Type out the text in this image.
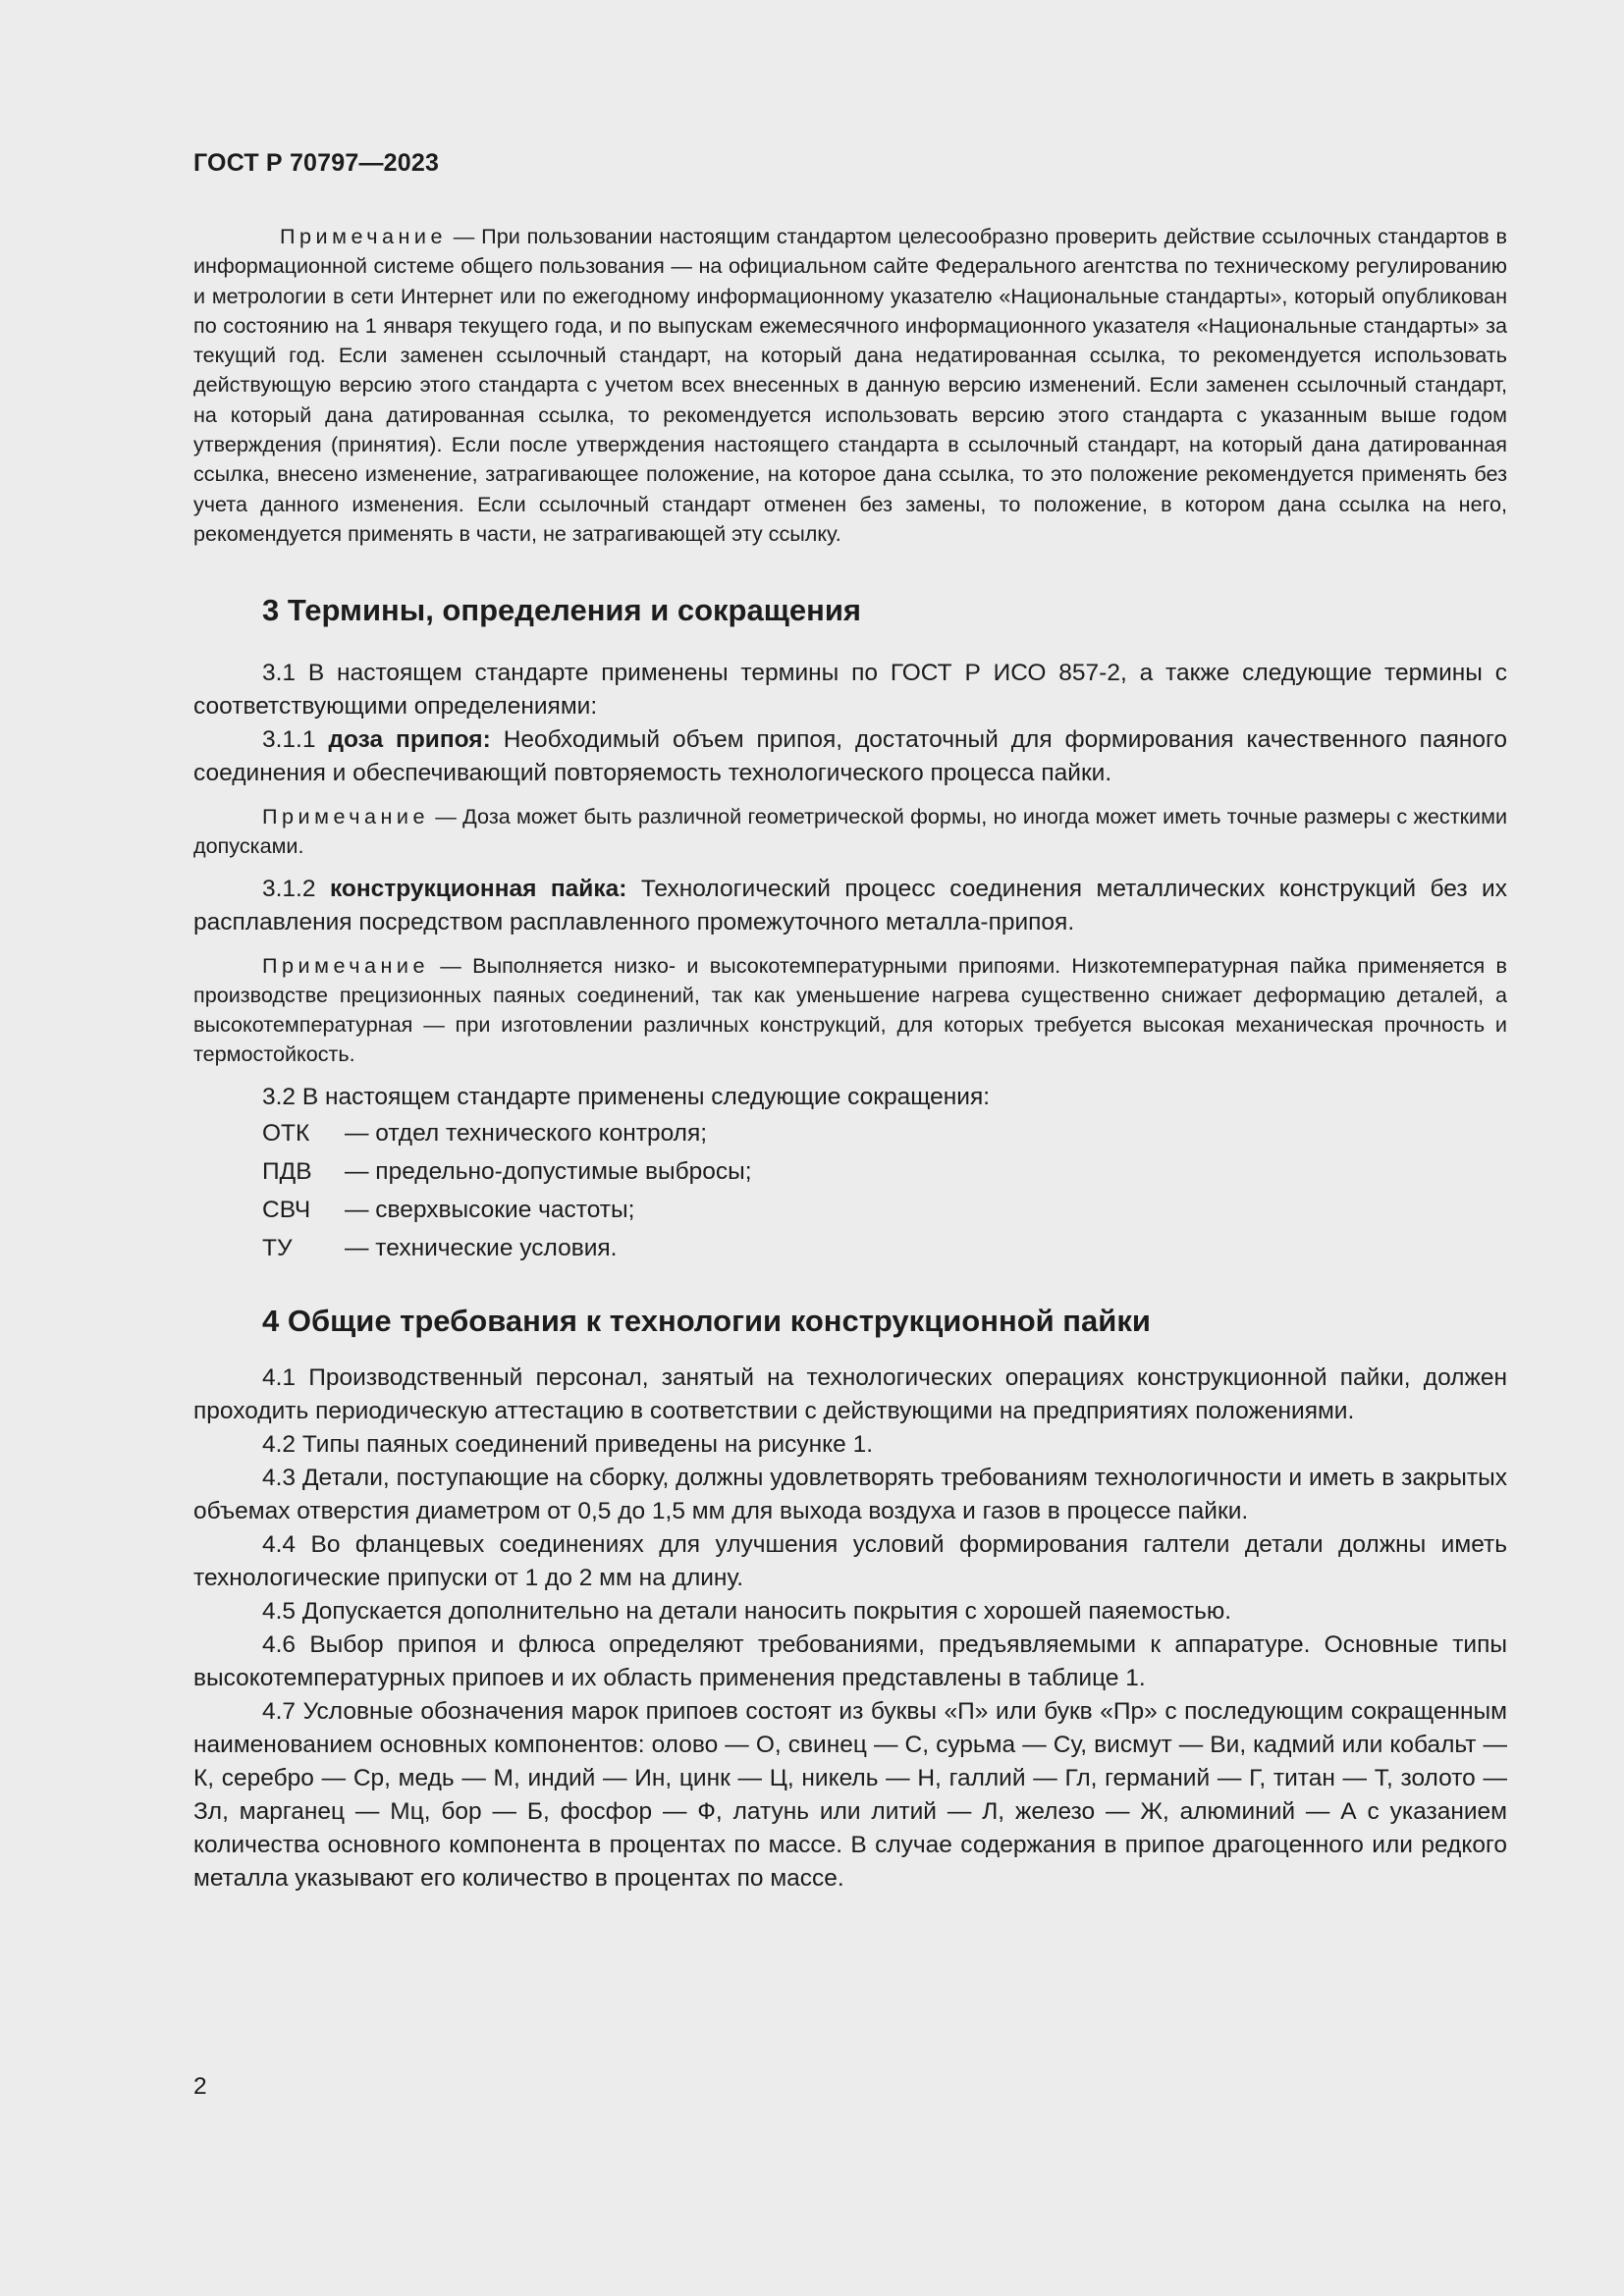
ГОСТ Р 70797—2023

Примечание — При пользовании настоящим стандартом целесообразно проверить действие ссылочных стандартов в информационной системе общего пользования — на официальном сайте Федерального агентства по техническому регулированию и метрологии в сети Интернет или по ежегодному информационному указателю «Национальные стандарты», который опубликован по состоянию на 1 января текущего года, и по выпускам ежемесячного информационного указателя «Национальные стандарты» за текущий год. Если заменен ссылочный стандарт, на который дана недатированная ссылка, то рекомендуется использовать действующую версию этого стандарта с учетом всех внесенных в данную версию изменений. Если заменен ссылочный стандарт, на который дана датированная ссылка, то рекомендуется использовать версию этого стандарта с указанным выше годом утверждения (принятия). Если после утверждения настоящего стандарта в ссылочный стандарт, на который дана датированная ссылка, внесено изменение, затрагивающее положение, на которое дана ссылка, то это положение рекомендуется применять без учета данного изменения. Если ссылочный стандарт отменен без замены, то положение, в котором дана ссылка на него, рекомендуется применять в части, не затрагивающей эту ссылку.

3 Термины, определения и сокращения

3.1 В настоящем стандарте применены термины по ГОСТ Р ИСО 857-2, а также следующие термины с соответствующими определениями:

3.1.1 доза припоя: Необходимый объем припоя, достаточный для формирования качественного паяного соединения и обеспечивающий повторяемость технологического процесса пайки.

Примечание — Доза может быть различной геометрической формы, но иногда может иметь точные размеры с жесткими допусками.

3.1.2 конструкционная пайка: Технологический процесс соединения металлических конструкций без их расплавления посредством расплавленного промежуточного металла-припоя.

Примечание — Выполняется низко- и высокотемпературными припоями. Низкотемпературная пайка применяется в производстве прецизионных паяных соединений, так как уменьшение нагрева существенно снижает деформацию деталей, а высокотемпературная — при изготовлении различных конструкций, для которых требуется высокая механическая прочность и термостойкость.

3.2 В настоящем стандарте применены следующие сокращения:

ОТК	— отдел технического контроля;
ПДВ	— предельно-допустимые выбросы;
СВЧ	— сверхвысокие частоты;
ТУ	— технические условия.
4 Общие требования к технологии конструкционной пайки

4.1 Производственный персонал, занятый на технологических операциях конструкционной пайки, должен проходить периодическую аттестацию в соответствии с действующими на предприятиях положениями.

4.2 Типы паяных соединений приведены на рисунке 1.

4.3 Детали, поступающие на сборку, должны удовлетворять требованиям технологичности и иметь в закрытых объемах отверстия диаметром от 0,5 до 1,5 мм для выхода воздуха и газов в процессе пайки.

4.4 Во фланцевых соединениях для улучшения условий формирования галтели детали должны иметь технологические припуски от 1 до 2 мм на длину.

4.5 Допускается дополнительно на детали наносить покрытия с хорошей паяемостью.

4.6 Выбор припоя и флюса определяют требованиями, предъявляемыми к аппаратуре. Основные типы высокотемпературных припоев и их область применения представлены в таблице 1.

4.7 Условные обозначения марок припоев состоят из буквы «П» или букв «Пр» с последующим сокращенным наименованием основных компонентов: олово — О, свинец — С, сурьма — Су, висмут — Ви, кадмий или кобальт — К, серебро — Ср, медь — М, индий — Ин, цинк — Ц, никель — Н, галлий — Гл, германий — Г, титан — Т, золото — Зл, марганец — Мц, бор — Б, фосфор — Ф, латунь или литий — Л, железо — Ж, алюминий — А с указанием количества основного компонента в процентах по массе. В случае содержания в припое драгоценного или редкого металла указывают его количество в процентах по массе.

2
